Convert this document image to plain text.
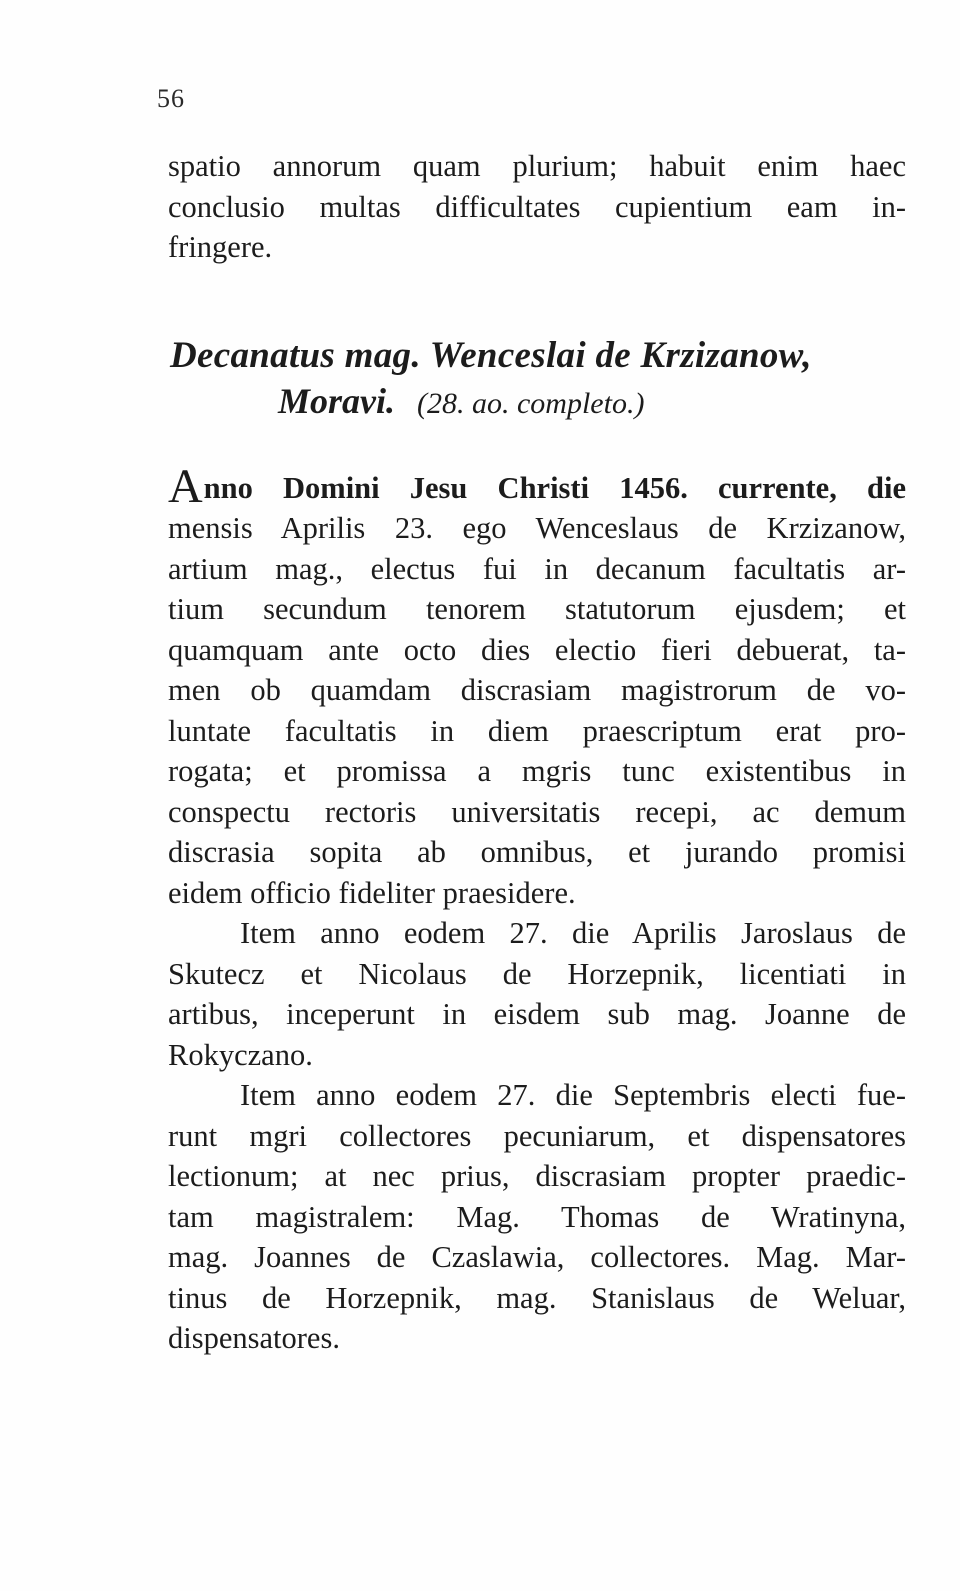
56
spatio annorum quam plurium; habuit enim haec
conclusio multas difficultates cupientium eam in-
fringere.
Decanatus mag. Wenceslai de Krzizanow,
Moravi. (28. ao. completo.)
Anno Domini Jesu Christi 1456. currente, die
mensis Aprilis 23. ego Wenceslaus de Krzizanow,
artium mag., electus fui in decanum facultatis ar-
tium secundum tenorem statutorum ejusdem; et
quamquam ante octo dies electio fieri debuerat, ta-
men ob quamdam discrasiam magistrorum de vo-
luntate facultatis in diem praescriptum erat pro-
rogata; et promissa a mgris tunc existentibus in
conspectu rectoris universitatis recepi, ac demum
discrasia sopita ab omnibus, et jurando promisi
eidem officio fideliter praesidere.
Item anno eodem 27. die Aprilis Jaroslaus de
Skutecz et Nicolaus de Horzepnik, licentiati in
artibus, inceperunt in eisdem sub mag. Joanne de
Rokyczano.
Item anno eodem 27. die Septembris electi fue-
runt mgri collectores pecuniarum, et dispensatores
lectionum; at nec prius, discrasiam propter praedic-
tam magistralem: Mag. Thomas de Wratinyna,
mag. Joannes de Czaslawia, collectores. Mag. Mar-
tinus de Horzepnik, mag. Stanislaus de Weluar,
dispensatores.
